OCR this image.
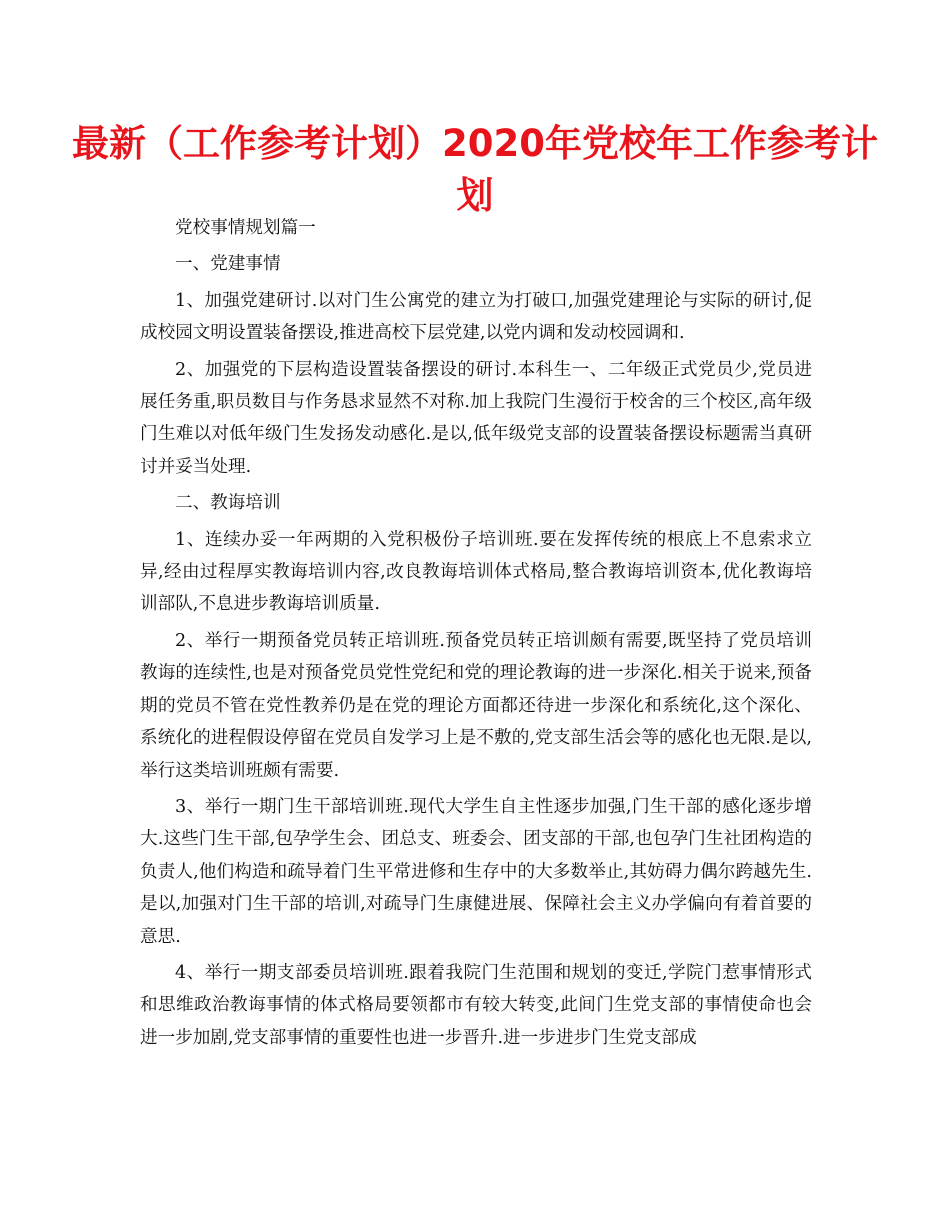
最新（工作参考计划）2020年党校年工作参考计划

党校事情规划篇一

一、党建事情

1、加强党建研讨.以对门生公寓党的建立为打破口,加强党建理论与实际的研讨,促成校园文明设置装备摆设,推进高校下层党建,以党内调和发动校园调和.

2、加强党的下层构造设置装备摆设的研讨.本科生一、二年级正式党员少,党员进展任务重,职员数目与作务恳求显然不对称.加上我院门生漫衍于校舍的三个校区,高年级门生难以对低年级门生发扬发动感化.是以,低年级党支部的设置装备摆设标题需当真研讨并妥当处理.

二、教诲培训

1、连续办妥一年两期的入党积极份子培训班.要在发挥传统的根底上不息索求立异,经由过程厚实教诲培训内容,改良教诲培训体式格局,整合教诲培训资本,优化教诲培训部队,不息进步教诲培训质量.

2、举行一期预备党员转正培训班.预备党员转正培训颇有需要,既坚持了党员培训教诲的连续性,也是对预备党员党性党纪和党的理论教诲的进一步深化.相关于说来,预备期的党员不管在党性教养仍是在党的理论方面都还待进一步深化和系统化,这个深化、系统化的进程假设停留在党员自发学习上是不敷的,党支部生活会等的感化也无限.是以,举行这类培训班颇有需要.

3、举行一期门生干部培训班.现代大学生自主性逐步加强,门生干部的感化逐步增大.这些门生干部,包孕学生会、团总支、班委会、团支部的干部,也包孕门生社团构造的负责人,他们构造和疏导着门生平常进修和生存中的大多数举止,其妨碍力偶尔跨越先生.是以,加强对门生干部的培训,对疏导门生康健进展、保障社会主义办学偏向有着首要的意思.

4、举行一期支部委员培训班.跟着我院门生范围和规划的变迁,学院门惹事情形式和思维政治教诲事情的体式格局要领都市有较大转变,此间门生党支部的事情使命也会进一步加剧,党支部事情的重要性也进一步晋升.进一步进步门生党支部成
